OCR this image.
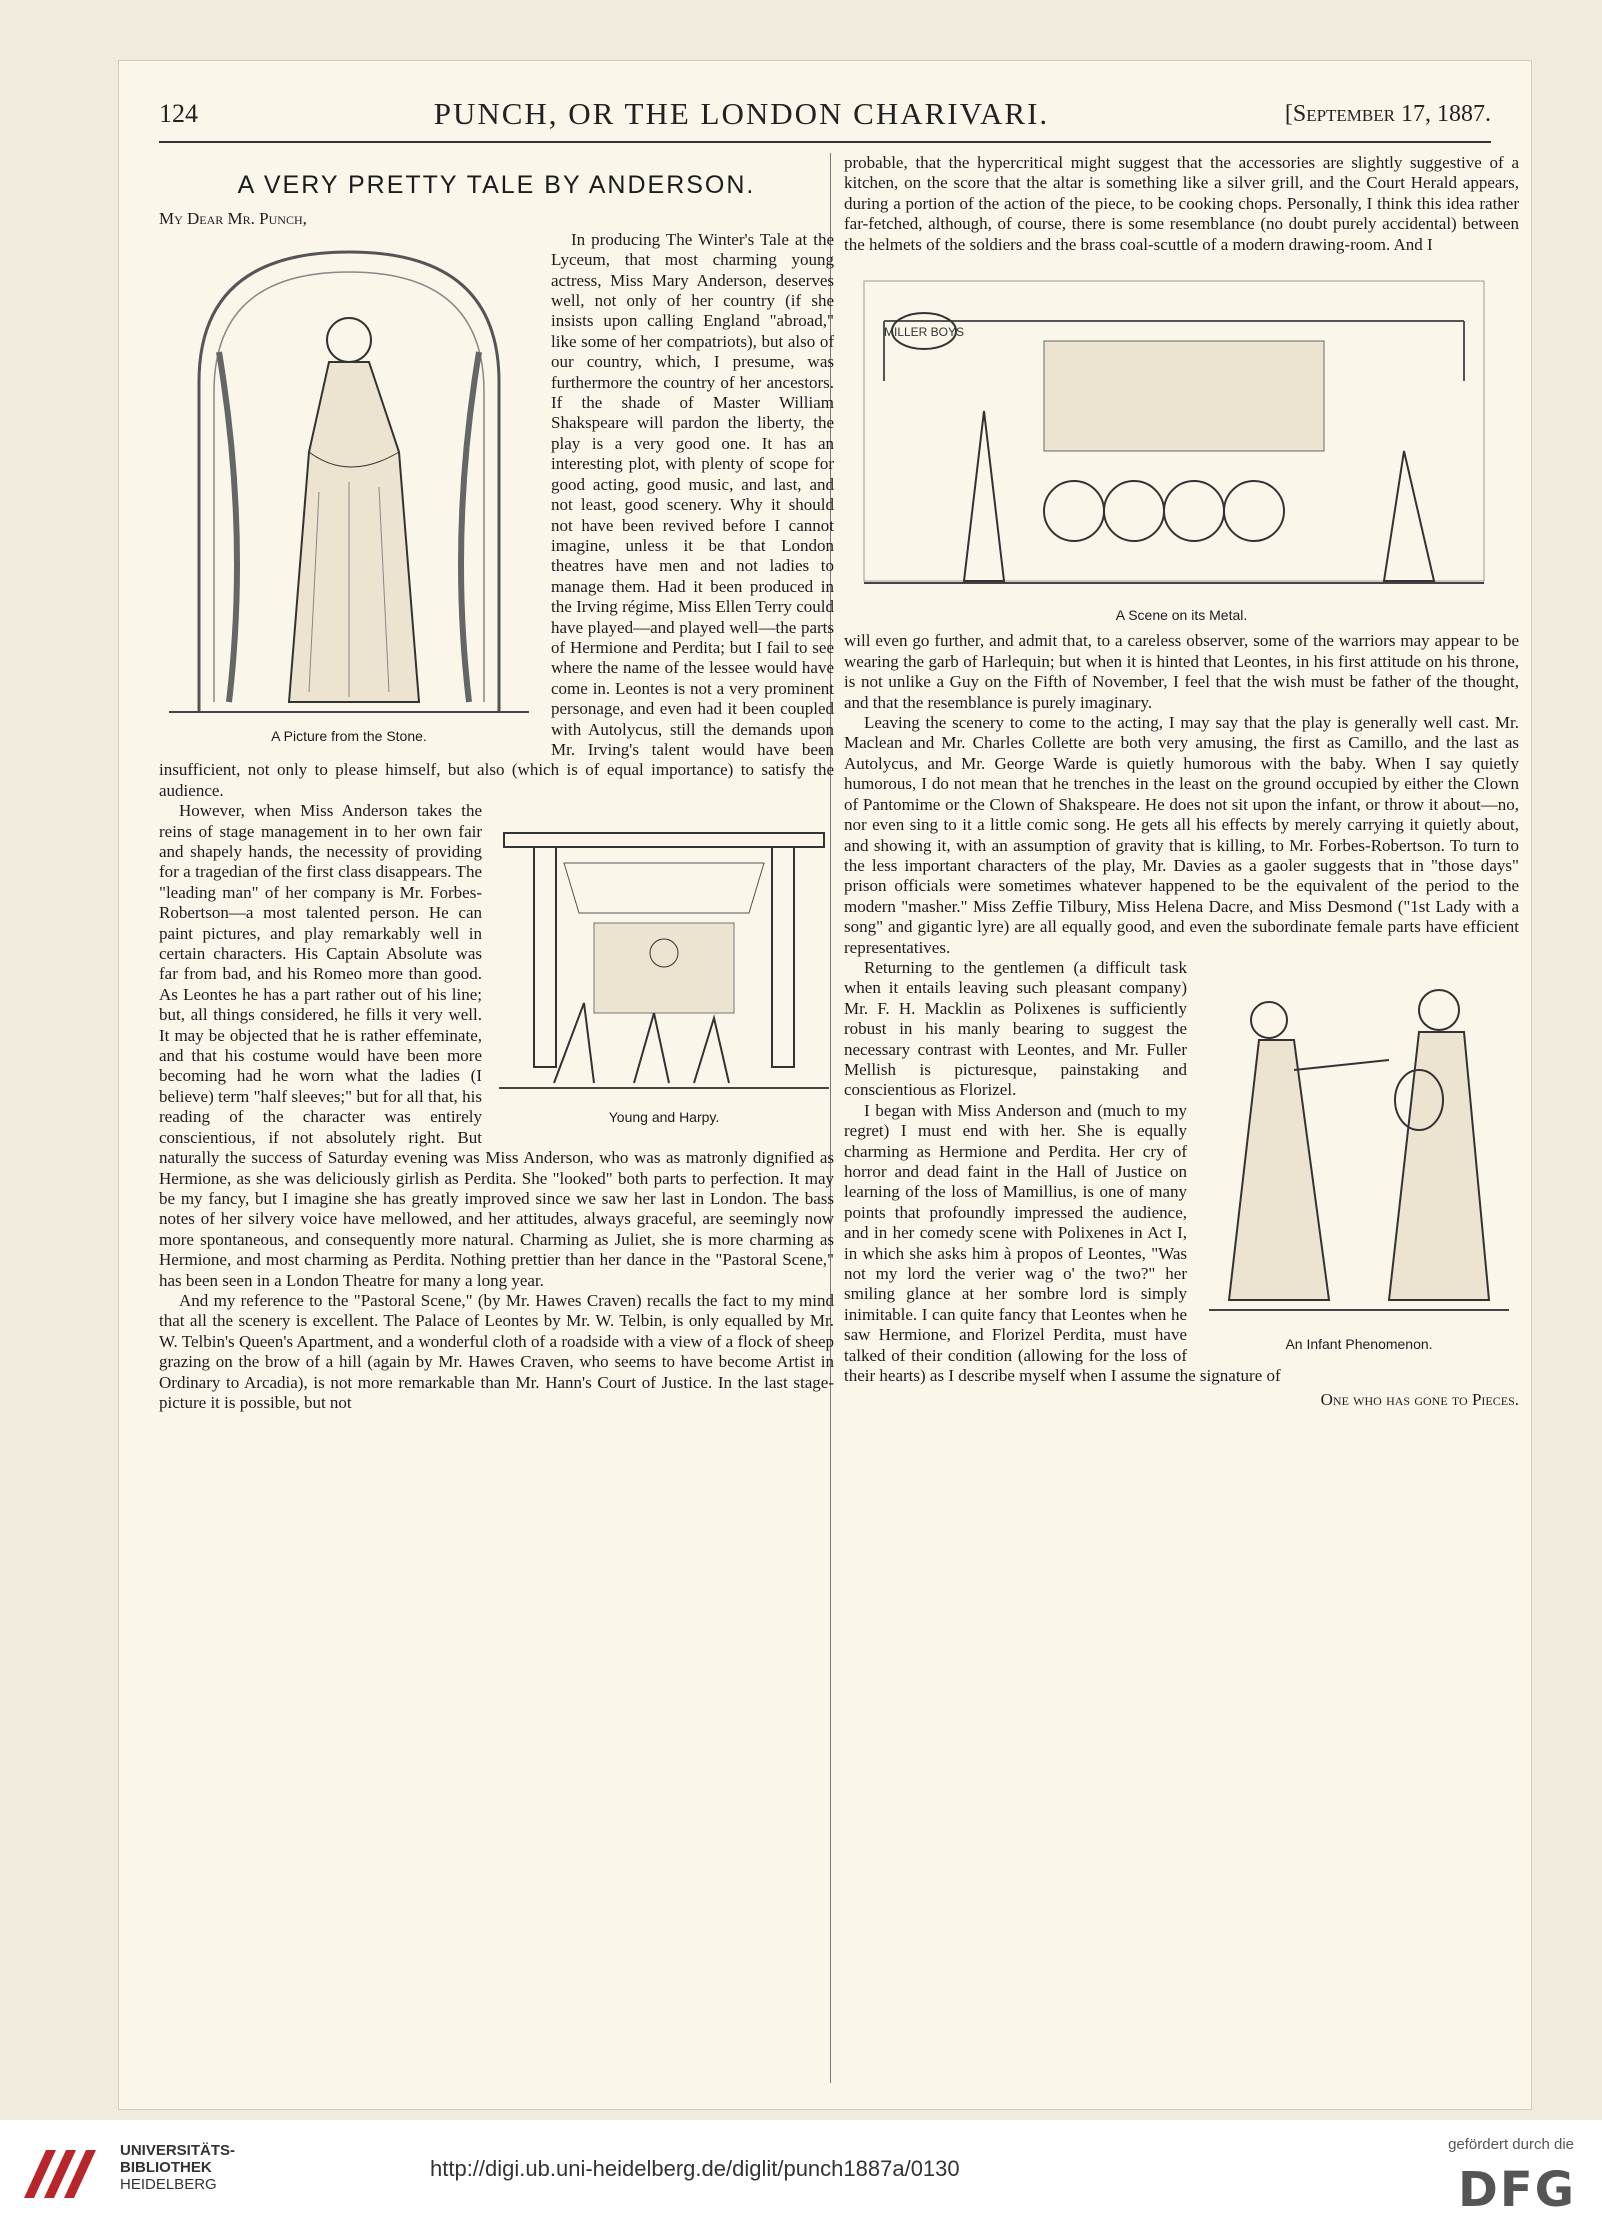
124	PUNCH, OR THE LONDON CHARIVARI.	[September 17, 1887.
A VERY PRETTY TALE BY ANDERSON.

My Dear Mr. Punch,

A Picture from the Stone.

In producing The Winter's Tale at the Lyceum, that most charming young actress, Miss Mary Anderson, deserves well, not only of her country (if she insists upon calling England "abroad," like some of her compatriots), but also of our country, which, I presume, was furthermore the country of her ancestors. If the shade of Master William Shakspeare will pardon the liberty, the play is a very good one. It has an interesting plot, with plenty of scope for good acting, good music, and last, and not least, good scenery. Why it should not have been revived before I cannot imagine, unless it be that London theatres have men and not ladies to manage them. Had it been produced in the Irving régime, Miss Ellen Terry could have played—and played well—the parts of Hermione and Perdita; but I fail to see where the name of the lessee would have come in. Leontes is not a very prominent personage, and even had it been coupled with Autolycus, still the demands upon Mr. Irving's talent would have been insufficient, not only to please himself, but also (which is of equal importance) to satisfy the audience.

Young and Harpy.

However, when Miss Anderson takes the reins of stage management in to her own fair and shapely hands, the necessity of providing for a tragedian of the first class disappears. The "leading man" of her company is Mr. Forbes-Robertson—a most talented person. He can paint pictures, and play remarkably well in certain characters. His Captain Absolute was far from bad, and his Romeo more than good. As Leontes he has a part rather out of his line; but, all things considered, he fills it very well. It may be objected that he is rather effeminate, and that his costume would have been more becoming had he worn what the ladies (I believe) term "half sleeves;" but for all that, his reading of the character was entirely conscientious, if not absolutely right. But naturally the success of Saturday evening was Miss Anderson, who was as matronly dignified as Hermione, as she was deliciously girlish as Perdita. She "looked" both parts to perfection. It may be my fancy, but I imagine she has greatly improved since we saw her last in London. The bass notes of her silvery voice have mellowed, and her attitudes, always graceful, are seemingly now more spontaneous, and consequently more natural. Charming as Juliet, she is more charming as Hermione, and most charming as Perdita. Nothing prettier than her dance in the "Pastoral Scene," has been seen in a London Theatre for many a long year.

And my reference to the "Pastoral Scene," (by Mr. Hawes Craven) recalls the fact to my mind that all the scenery is excellent. The Palace of Leontes by Mr. W. Telbin, is only equalled by Mr. W. Telbin's Queen's Apartment, and a wonderful cloth of a roadside with a view of a flock of sheep grazing on the brow of a hill (again by Mr. Hawes Craven, who seems to have become Artist in Ordinary to Arcadia), is not more remarkable than Mr. Hann's Court of Justice. In the last stage-picture it is possible, but not

probable, that the hypercritical might suggest that the accessories are slightly suggestive of a kitchen, on the score that the altar is something like a silver grill, and the Court Herald appears, during a portion of the action of the piece, to be cooking chops. Personally, I think this idea rather far-fetched, although, of course, there is some resemblance (no doubt purely accidental) between the helmets of the soldiers and the brass coal-scuttle of a modern drawing-room. And I

MILLER BOYS
A Scene on its Metal.

will even go further, and admit that, to a careless observer, some of the warriors may appear to be wearing the garb of Harlequin; but when it is hinted that Leontes, in his first attitude on his throne, is not unlike a Guy on the Fifth of November, I feel that the wish must be father of the thought, and that the resemblance is purely imaginary.

Leaving the scenery to come to the acting, I may say that the play is generally well cast. Mr. Maclean and Mr. Charles Collette are both very amusing, the first as Camillo, and the last as Autolycus, and Mr. George Warde is quietly humorous with the baby. When I say quietly humorous, I do not mean that he trenches in the least on the ground occupied by either the Clown of Pantomime or the Clown of Shakspeare. He does not sit upon the infant, or throw it about—no, nor even sing to it a little comic song. He gets all his effects by merely carrying it quietly about, and showing it, with an assumption of gravity that is killing, to Mr. Forbes-Robertson. To turn to the less important characters of the play, Mr. Davies as a gaoler suggests that in "those days" prison officials were sometimes whatever happened to be the equivalent of the period to the modern "masher." Miss Zeffie Tilbury, Miss Helena Dacre, and Miss Desmond ("1st Lady with a song" and gigantic lyre) are all equally good, and even the subordinate female parts have efficient representatives.

An Infant Phenomenon.

Returning to the gentlemen (a difficult task when it entails leaving such pleasant company) Mr. F. H. Macklin as Polixenes is sufficiently robust in his manly bearing to suggest the necessary contrast with Leontes, and Mr. Fuller Mellish is picturesque, painstaking and conscientious as Florizel.

I began with Miss Anderson and (much to my regret) I must end with her. She is equally charming as Hermione and Perdita. Her cry of horror and dead faint in the Hall of Justice on learning of the loss of Mamillius, is one of many points that profoundly impressed the audience, and in her comedy scene with Polixenes in Act I, in which she asks him à propos of Leontes, "Was not my lord the verier wag o' the two?" her smiling glance at her sombre lord is simply inimitable. I can quite fancy that Leontes when he saw Hermione, and Florizel Perdita, must have talked of their condition (allowing for the loss of their hearts) as I describe myself when I assume the signature of

One who has gone to Pieces.
UNIVERSITÄTS-
BIBLIOTHEK
HEIDELBERG
http://digi.ub.uni-heidelberg.de/diglit/punch1887a/0130
gefördert durch die
DFG
